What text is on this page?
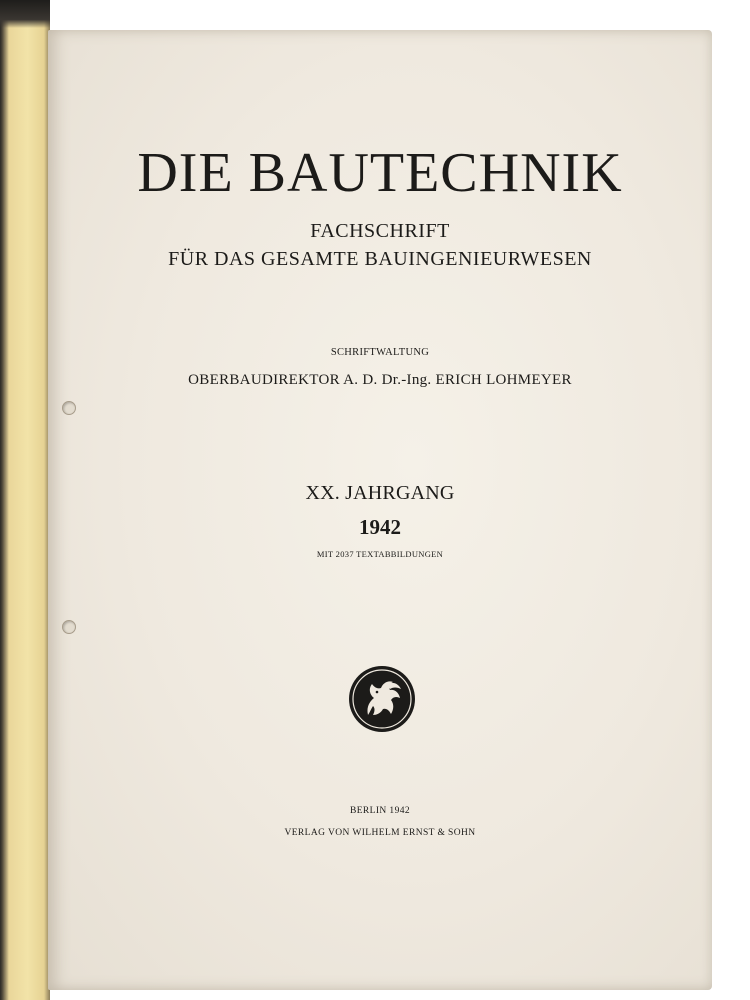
DIE BAUTECHNIK
FACHSCHRIFT
FÜR DAS GESAMTE BAUINGENIEURWESEN
SCHRIFTWALTUNG
OBERBAUDIREKTOR A. D. Dr.-Ing. ERICH LOHMEYER
XX. JAHRGANG
1942
MIT 2037 TEXTABBILDUNGEN
BERLIN 1942
VERLAG VON WILHELM ERNST & SOHN
